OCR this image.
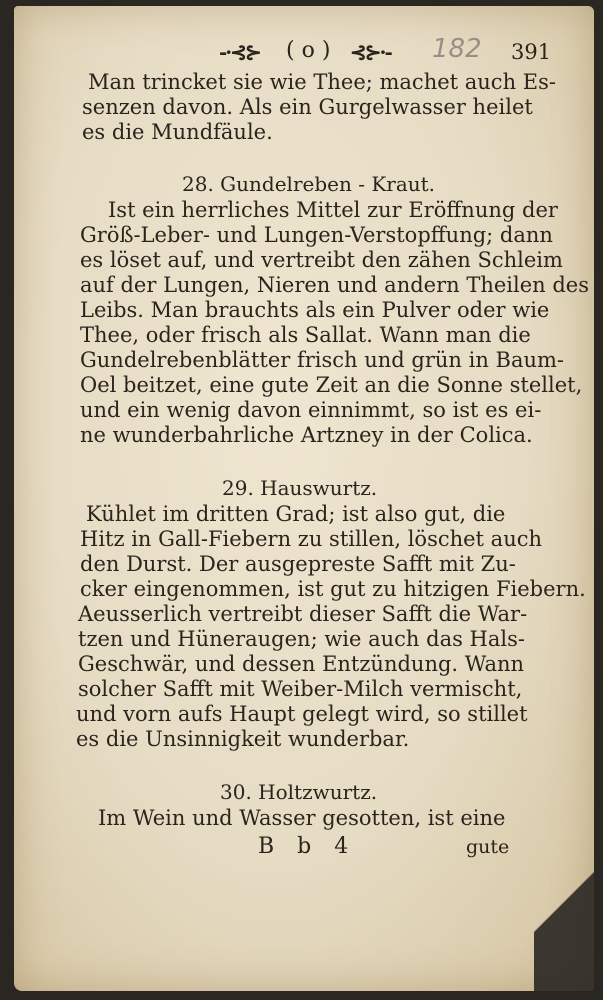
-·⊰⊱ ( o ) ⊰⊱·- 182 391
Man trincket sie wie Thee; machet auch Es-
senzen davon. Als ein Gurgelwasser heilet
es die Mundfäule.
28. Gundelreben - Kraut.
Ist ein herrliches Mittel zur Eröffnung der
Größ-Leber- und Lungen-Verstopffung; dann
es löset auf, und vertreibt den zähen Schleim
auf der Lungen, Nieren und andern Theilen des
Leibs. Man brauchts als ein Pulver oder wie
Thee, oder frisch als Sallat. Wann man die
Gundelrebenblätter frisch und grün in Baum-
Oel beitzet, eine gute Zeit an die Sonne stellet,
und ein wenig davon einnimmt, so ist es ei-
ne wunderbahrliche Artzney in der Colica.
29. Hauswurtz.
Kühlet im dritten Grad; ist also gut, die
Hitz in Gall-Fiebern zu stillen, löschet auch
den Durst. Der ausgepreste Safft mit Zu-
cker eingenommen, ist gut zu hitzigen Fiebern.
Aeusserlich vertreibt dieser Safft die War-
tzen und Hüneraugen; wie auch das Hals-
Geschwär, und dessen Entzündung. Wann
solcher Safft mit Weiber-Milch vermischt,
und vorn aufs Haupt gelegt wird, so stillet
es die Unsinnigkeit wunderbar.
30. Holtzwurtz.
Im Wein und Wasser gesotten, ist eine
B b 4	gute
